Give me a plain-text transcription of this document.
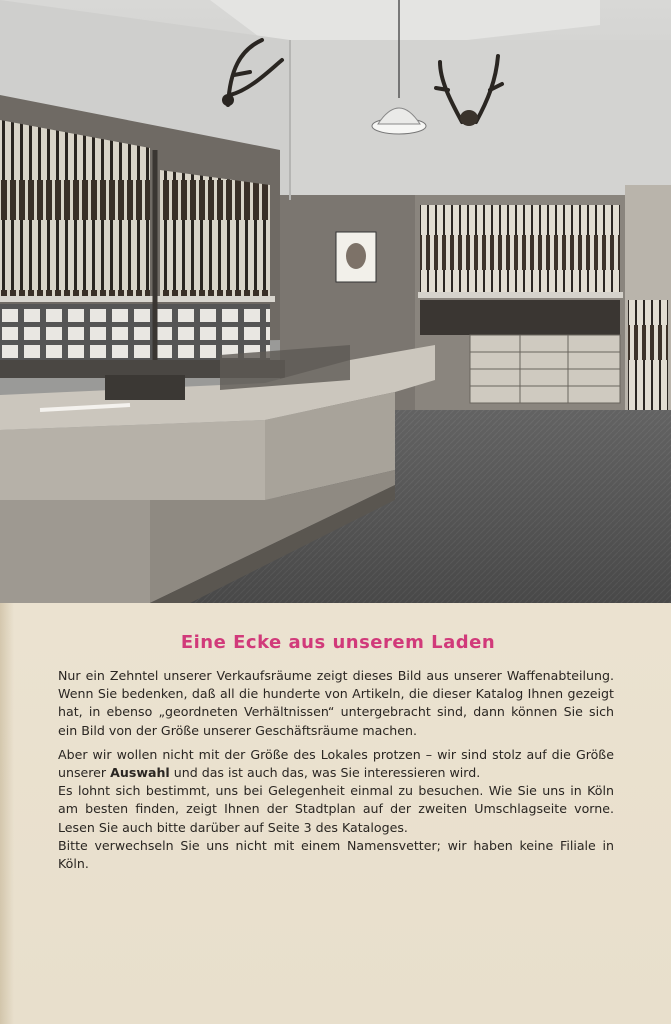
Eine Ecke aus unserem Laden

Nur ein Zehntel unserer Verkaufsräume zeigt dieses Bild aus unserer Waffenabteilung. Wenn Sie bedenken, daß all die hunderte von Artikeln, die dieser Katalog Ihnen gezeigt hat, in ebenso „geordneten Verhältnissen“ untergebracht sind, dann können Sie sich ein Bild von der Größe unserer Geschäftsräume machen.

Aber wir wollen nicht mit der Größe des Lokales protzen – wir sind stolz auf die Größe unserer Auswahl und das ist auch das, was Sie interessieren wird.

Es lohnt sich bestimmt, uns bei Gelegenheit einmal zu besuchen. Wie Sie uns in Köln am besten finden, zeigt Ihnen der Stadtplan auf der zweiten Umschlagseite vorne. Lesen Sie auch bitte darüber auf Seite 3 des Kataloges.

Bitte verwechseln Sie uns nicht mit einem Namensvetter; wir haben keine Filiale in Köln.
